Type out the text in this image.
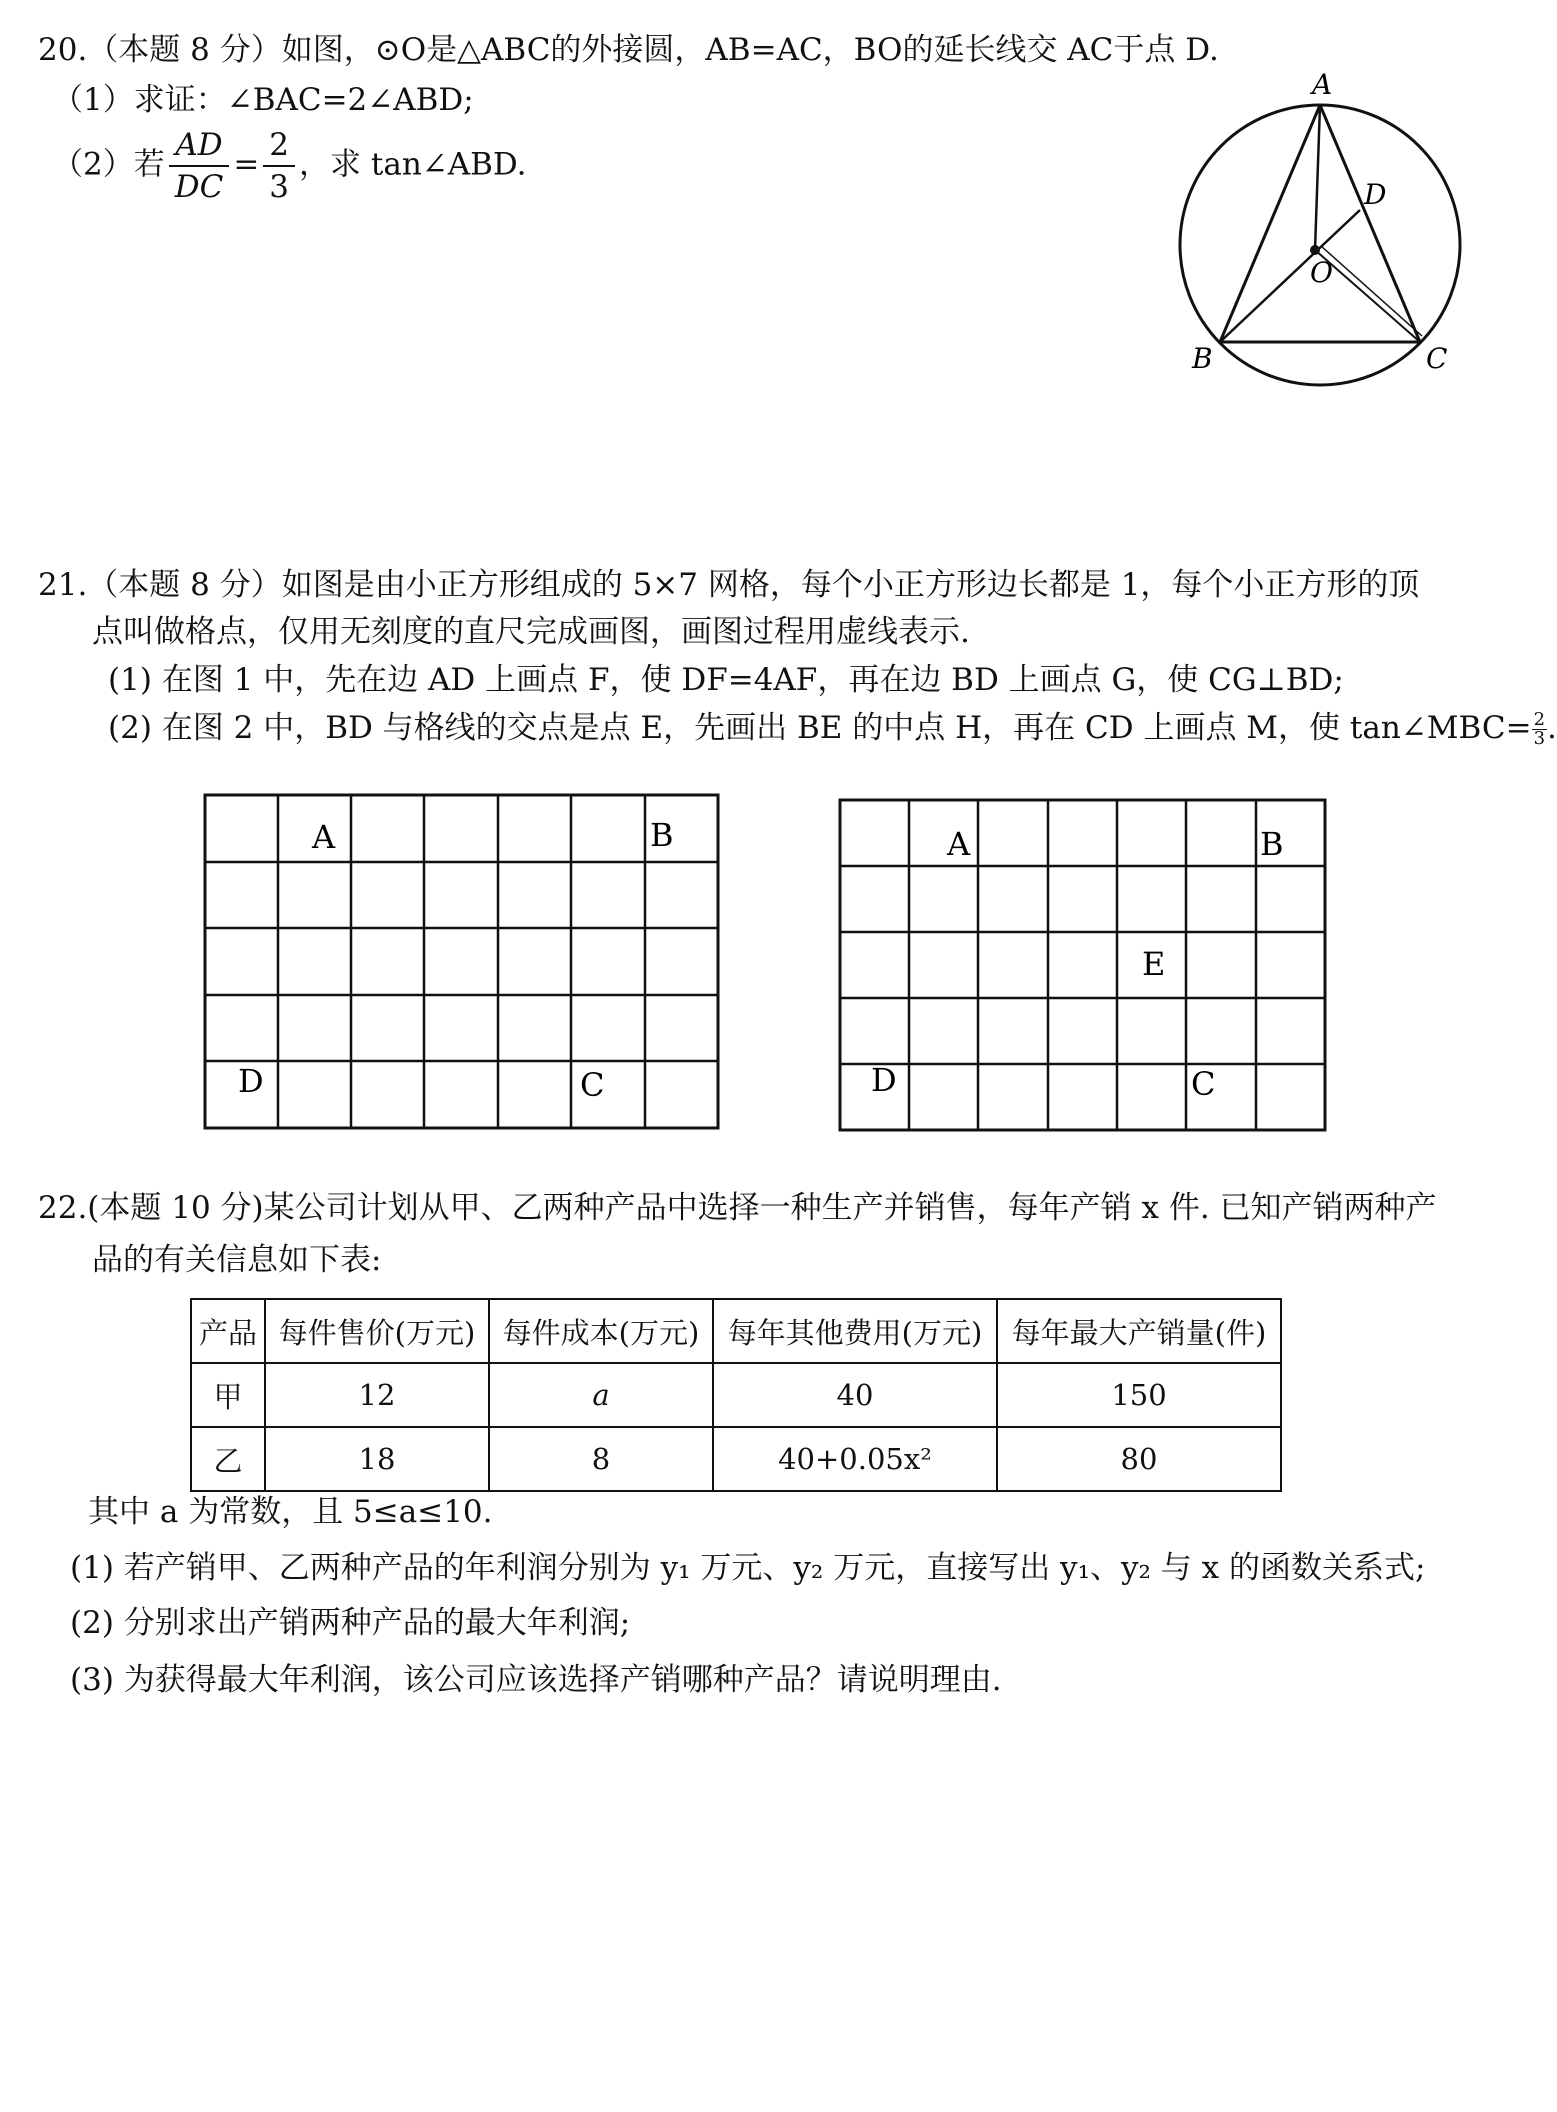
20.（本题 8 分）如图，⊙O是△ABC的外接圆，AB=AC，BO的延长线交 AC于点 D.
（1）求证：∠BAC=2∠ABD;
（2）若 $\frac{AD}{DC} = \frac{2}{3}$ ，求 tan∠ABD.
A
B	C
D
O
21.（本题 8 分）如图是由小正方形组成的 5×7 网格，每个小正方形边长都是 1，每个小正方形的顶
点叫做格点，仅用无刻度的直尺完成画图，画图过程用虚线表示.
(1) 在图 1 中，先在边 AD 上画点 F，使 DF=4AF，再在边 BD 上画点 G，使 CG⊥BD;
(2) 在图 2 中，BD 与格线的交点是点 E，先画出 BE 的中点 H，再在 CD 上画点 M，使 tan∠MBC= $\frac{2}{3}$ .
A	B
C
D
A	B
E
C
D
22.(本题 10 分)某公司计划从甲、乙两种产品中选择一种生产并销售，每年产销 x 件. 已知产销两种产
品的有关信息如下表:
产品	每件售价(万元)	每件成本(万元)	每年其他费用(万元)	每年最大产销量(件)
甲	12	a	40	150
乙	18	8	40+0.05x²	80
其中 a 为常数，且 5≤a≤10.
(1) 若产销甲、乙两种产品的年利润分别为 y₁ 万元、y₂ 万元，直接写出 y₁、y₂ 与 x 的函数关系式;
(2) 分别求出产销两种产品的最大年利润;
(3) 为获得最大年利润，该公司应该选择产销哪种产品？请说明理由.
